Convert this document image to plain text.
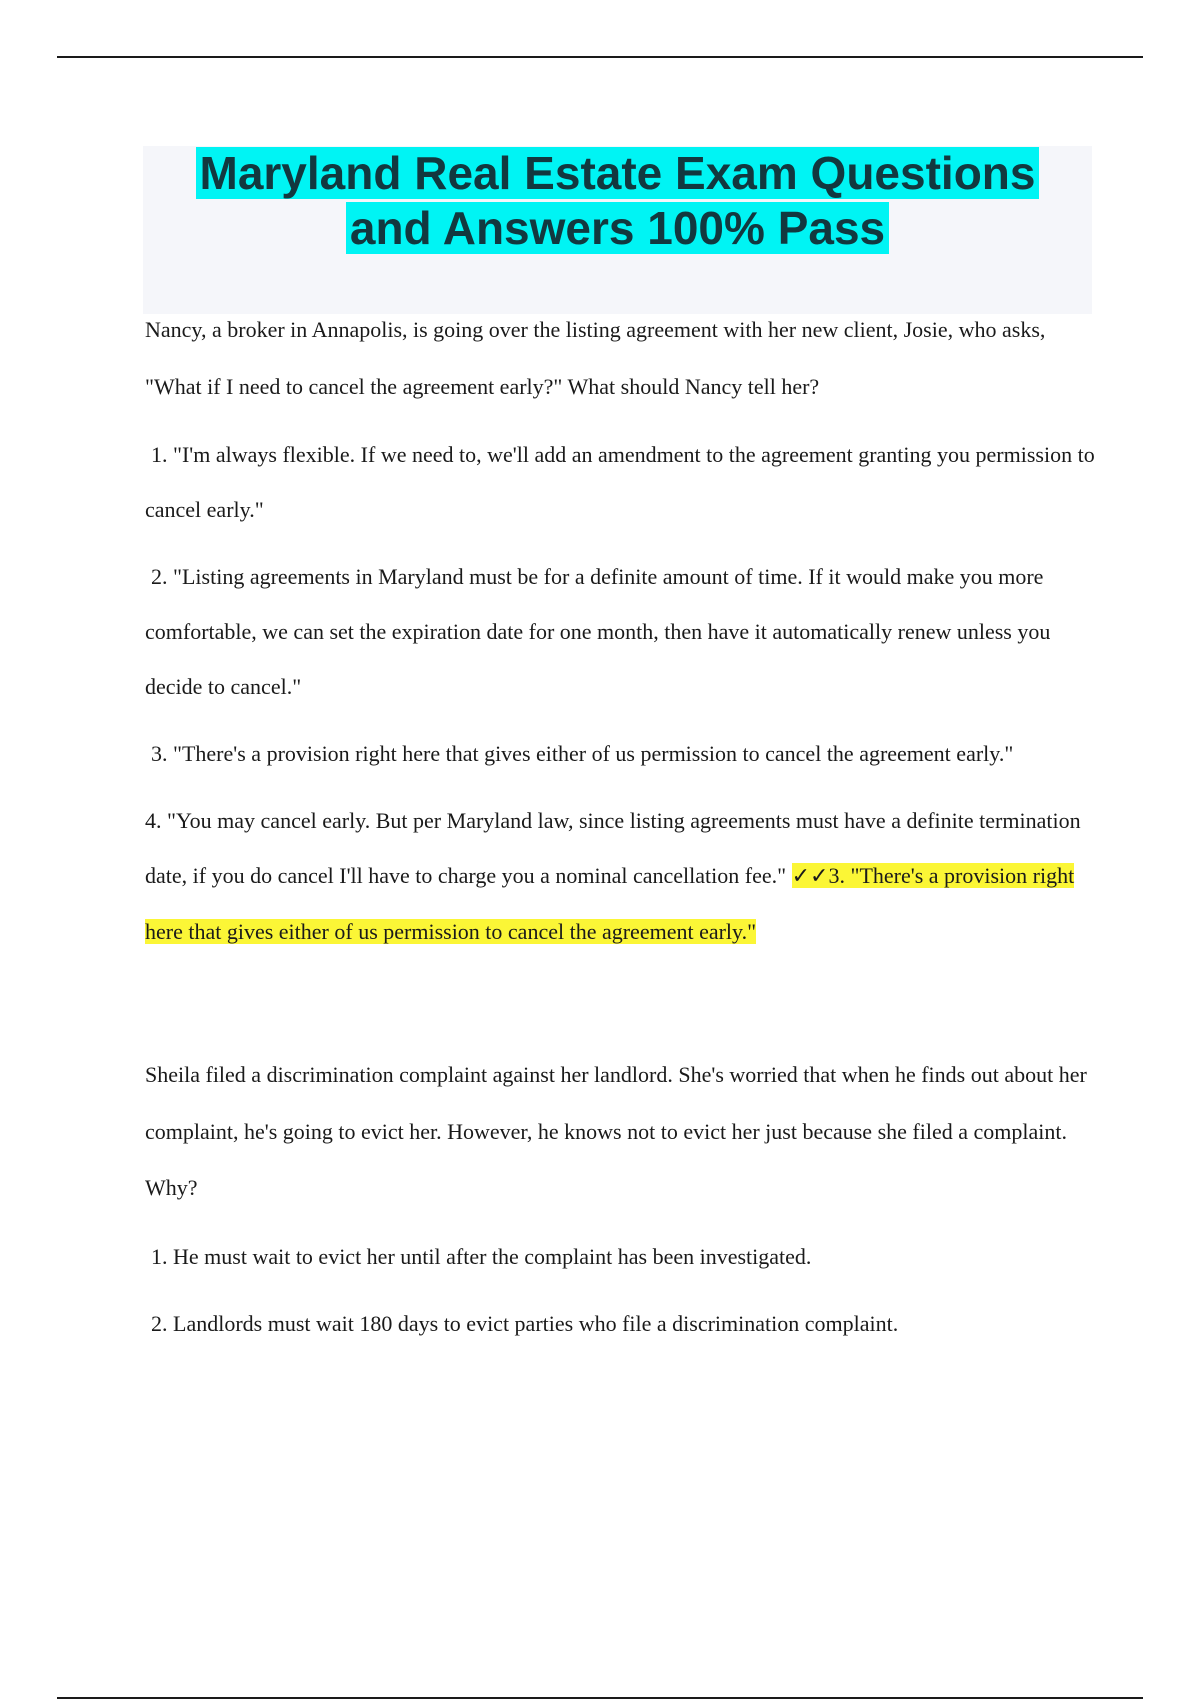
Maryland Real Estate Exam Questions
and Answers 100% Pass

Nancy, a broker in Annapolis, is going over the listing agreement with her new client, Josie, who asks, "What if I need to cancel the agreement early?" What should Nancy tell her?

1. "I'm always flexible. If we need to, we'll add an amendment to the agreement granting you permission to cancel early."

2. "Listing agreements in Maryland must be for a definite amount of time. If it would make you more comfortable, we can set the expiration date for one month, then have it automatically renew unless you decide to cancel."

3. "There's a provision right here that gives either of us permission to cancel the agreement early."

4. "You may cancel early. But per Maryland law, since listing agreements must have a definite termination date, if you do cancel I'll have to charge you a nominal cancellation fee." ✓✓3. "There's a provision right here that gives either of us permission to cancel the agreement early."

Sheila filed a discrimination complaint against her landlord. She's worried that when he finds out about her complaint, he's going to evict her. However, he knows not to evict her just because she filed a complaint. Why?

1. He must wait to evict her until after the complaint has been investigated.

2. Landlords must wait 180 days to evict parties who file a discrimination complaint.
